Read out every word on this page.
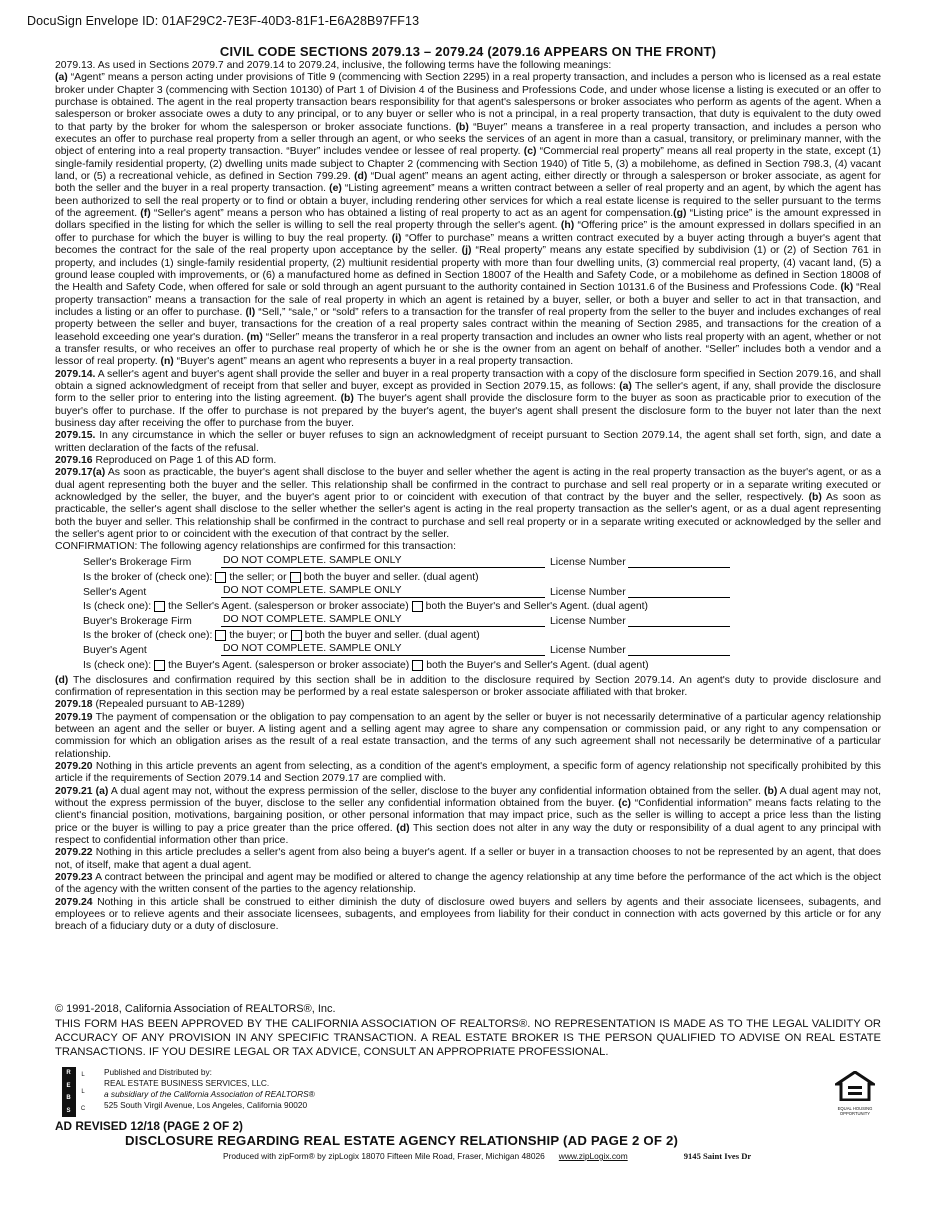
DocuSign Envelope ID: 01AF29C2-7E3F-40D3-81F1-E6A28B97FF13
CIVIL CODE SECTIONS 2079.13 – 2079.24 (2079.16 APPEARS ON THE FRONT)

2079.13. As used in Sections 2079.7 and 2079.14 to 2079.24, inclusive, the following terms have the following meanings:
(a) “Agent” means a person acting under provisions of Title 9 (commencing with Section 2295) in a real property transaction, and includes a person who is licensed as a real estate broker under Chapter 3 (commencing with Section 10130) of Part 1 of Division 4 of the Business and Professions Code, and under whose license a listing is executed or an offer to purchase is obtained. The agent in the real property transaction bears responsibility for that agent's salespersons or broker associates who perform as agents of the agent. When a salesperson or broker associate owes a duty to any principal, or to any buyer or seller who is not a principal, in a real property transaction, that duty is equivalent to the duty owed to that party by the broker for whom the salesperson or broker associate functions. (b) “Buyer” means a transferee in a real property transaction, and includes a person who executes an offer to purchase real property from a seller through an agent, or who seeks the services of an agent in more than a casual, transitory, or preliminary manner, with the object of entering into a real property transaction. “Buyer” includes vendee or lessee of real property. (c) “Commercial real property” means all real property in the state, except (1) single-family residential property, (2) dwelling units made subject to Chapter 2 (commencing with Section 1940) of Title 5, (3) a mobilehome, as defined in Section 798.3, (4) vacant land, or (5) a recreational vehicle, as defined in Section 799.29. (d) “Dual agent” means an agent acting, either directly or through a salesperson or broker associate, as agent for both the seller and the buyer in a real property transaction. (e) “Listing agreement” means a written contract between a seller of real property and an agent, by which the agent has been authorized to sell the real property or to find or obtain a buyer, including rendering other services for which a real estate license is required to the seller pursuant to the terms of the agreement. (f) “Seller's agent” means a person who has obtained a listing of real property to act as an agent for compensation.(g) “Listing price” is the amount expressed in dollars specified in the listing for which the seller is willing to sell the real property through the seller's agent. (h) “Offering price” is the amount expressed in dollars specified in an offer to purchase for which the buyer is willing to buy the real property. (i) “Offer to purchase” means a written contract executed by a buyer acting through a buyer's agent that becomes the contract for the sale of the real property upon acceptance by the seller. (j) “Real property” means any estate specified by subdivision (1) or (2) of Section 761 in property, and includes (1) single-family residential property, (2) multiunit residential property with more than four dwelling units, (3) commercial real property, (4) vacant land, (5) a ground lease coupled with improvements, or (6) a manufactured home as defined in Section 18007 of the Health and Safety Code, or a mobilehome as defined in Section 18008 of the Health and Safety Code, when offered for sale or sold through an agent pursuant to the authority contained in Section 10131.6 of the Business and Professions Code. (k) “Real property transaction” means a transaction for the sale of real property in which an agent is retained by a buyer, seller, or both a buyer and seller to act in that transaction, and includes a listing or an offer to purchase. (l) “Sell,” “sale,” or “sold” refers to a transaction for the transfer of real property from the seller to the buyer and includes exchanges of real property between the seller and buyer, transactions for the creation of a real property sales contract within the meaning of Section 2985, and transactions for the creation of a leasehold exceeding one year's duration. (m) “Seller” means the transferor in a real property transaction and includes an owner who lists real property with an agent, whether or not a transfer results, or who receives an offer to purchase real property of which he or she is the owner from an agent on behalf of another. “Seller” includes both a vendor and a lessor of real property. (n) “Buyer's agent” means an agent who represents a buyer in a real property transaction.

2079.14. A seller's agent and buyer's agent shall provide the seller and buyer in a real property transaction with a copy of the disclosure form specified in Section 2079.16, and shall obtain a signed acknowledgment of receipt from that seller and buyer, except as provided in Section 2079.15, as follows: (a) The seller's agent, if any, shall provide the disclosure form to the seller prior to entering into the listing agreement. (b) The buyer's agent shall provide the disclosure form to the buyer as soon as practicable prior to execution of the buyer's offer to purchase. If the offer to purchase is not prepared by the buyer's agent, the buyer's agent shall present the disclosure form to the buyer not later than the next business day after receiving the offer to purchase from the buyer.

2079.15. In any circumstance in which the seller or buyer refuses to sign an acknowledgment of receipt pursuant to Section 2079.14, the agent shall set forth, sign, and date a written declaration of the facts of the refusal.

2079.16 Reproduced on Page 1 of this AD form.

2079.17(a) As soon as practicable, the buyer's agent shall disclose to the buyer and seller whether the agent is acting in the real property transaction as the buyer's agent, or as a dual agent representing both the buyer and the seller. This relationship shall be confirmed in the contract to purchase and sell real property or in a separate writing executed or acknowledged by the seller, the buyer, and the buyer's agent prior to or coincident with execution of that contract by the buyer and the seller, respectively. (b) As soon as practicable, the seller's agent shall disclose to the seller whether the seller's agent is acting in the real property transaction as the seller's agent, or as a dual agent representing both the buyer and seller. This relationship shall be confirmed in the contract to purchase and sell real property or in a separate writing executed or acknowledged by the seller and the seller's agent prior to or coincident with the execution of that contract by the seller.

CONFIRMATION: The following agency relationships are confirmed for this transaction:
Seller's Brokerage Firm	DO NOT COMPLETE. SAMPLE ONLY	License Number
Is the broker of (check one): the seller; or both the buyer and seller. (dual agent)
Seller's Agent	DO NOT COMPLETE. SAMPLE ONLY	License Number
Is (check one): the Seller's Agent. (salesperson or broker associate) both the Buyer's and Seller's Agent. (dual agent)
Buyer's Brokerage Firm	DO NOT COMPLETE. SAMPLE ONLY	License Number
Is the broker of (check one): the buyer; or both the buyer and seller. (dual agent)
Buyer's Agent	DO NOT COMPLETE. SAMPLE ONLY	License Number
Is (check one): the Buyer's Agent. (salesperson or broker associate) both the Buyer's and Seller's Agent. (dual agent)

(d) The disclosures and confirmation required by this section shall be in addition to the disclosure required by Section 2079.14. An agent's duty to provide disclosure and confirmation of representation in this section may be performed by a real estate salesperson or broker associate affiliated with that broker.

2079.18 (Repealed pursuant to AB-1289)

2079.19 The payment of compensation or the obligation to pay compensation to an agent by the seller or buyer is not necessarily determinative of a particular agency relationship between an agent and the seller or buyer. A listing agent and a selling agent may agree to share any compensation or commission paid, or any right to any compensation or commission for which an obligation arises as the result of a real estate transaction, and the terms of any such agreement shall not necessarily be determinative of a particular relationship.

2079.20 Nothing in this article prevents an agent from selecting, as a condition of the agent's employment, a specific form of agency relationship not specifically prohibited by this article if the requirements of Section 2079.14 and Section 2079.17 are complied with.

2079.21 (a) A dual agent may not, without the express permission of the seller, disclose to the buyer any confidential information obtained from the seller. (b) A dual agent may not, without the express permission of the buyer, disclose to the seller any confidential information obtained from the buyer. (c) “Confidential information” means facts relating to the client's financial position, motivations, bargaining position, or other personal information that may impact price, such as the seller is willing to accept a price less than the listing price or the buyer is willing to pay a price greater than the price offered. (d) This section does not alter in any way the duty or responsibility of a dual agent to any principal with respect to confidential information other than price.

2079.22 Nothing in this article precludes a seller's agent from also being a buyer's agent. If a seller or buyer in a transaction chooses to not be represented by an agent, that does not, of itself, make that agent a dual agent.

2079.23 A contract between the principal and agent may be modified or altered to change the agency relationship at any time before the performance of the act which is the object of the agency with the written consent of the parties to the agency relationship.

2079.24 Nothing in this article shall be construed to either diminish the duty of disclosure owed buyers and sellers by agents and their associate licensees, subagents, and employees or to relieve agents and their associate licensees, subagents, and employees from liability for their conduct in connection with acts governed by this article or for any breach of a fiduciary duty or a duty of disclosure.

© 1991-2018, California Association of REALTORS®, Inc.
THIS FORM HAS BEEN APPROVED BY THE CALIFORNIA ASSOCIATION OF REALTORS®. NO REPRESENTATION IS MADE AS TO THE LEGAL VALIDITY OR ACCURACY OF ANY PROVISION IN ANY SPECIFIC TRANSACTION. A REAL ESTATE BROKER IS THE PERSON QUALIFIED TO ADVISE ON REAL ESTATE TRANSACTIONS. IF YOU DESIRE LEGAL OR TAX ADVICE, CONSULT AN APPROPRIATE PROFESSIONAL.
R
E
B
S
L
L
C
Published and Distributed by:
REAL ESTATE BUSINESS SERVICES, LLC.
a subsidiary of the California Association of REALTORS®
525 South Virgil Avenue, Los Angeles, California 90020	EQUAL HOUSING OPPORTUNITY
AD REVISED 12/18 (PAGE 2 OF 2)
DISCLOSURE REGARDING REAL ESTATE AGENCY RELATIONSHIP (AD PAGE 2 OF 2)
Produced with zipForm® by zipLogix 18070 Fifteen Mile Road, Fraser, Michigan 48026 www.zipLogix.com	9145 Saint Ives Dr
